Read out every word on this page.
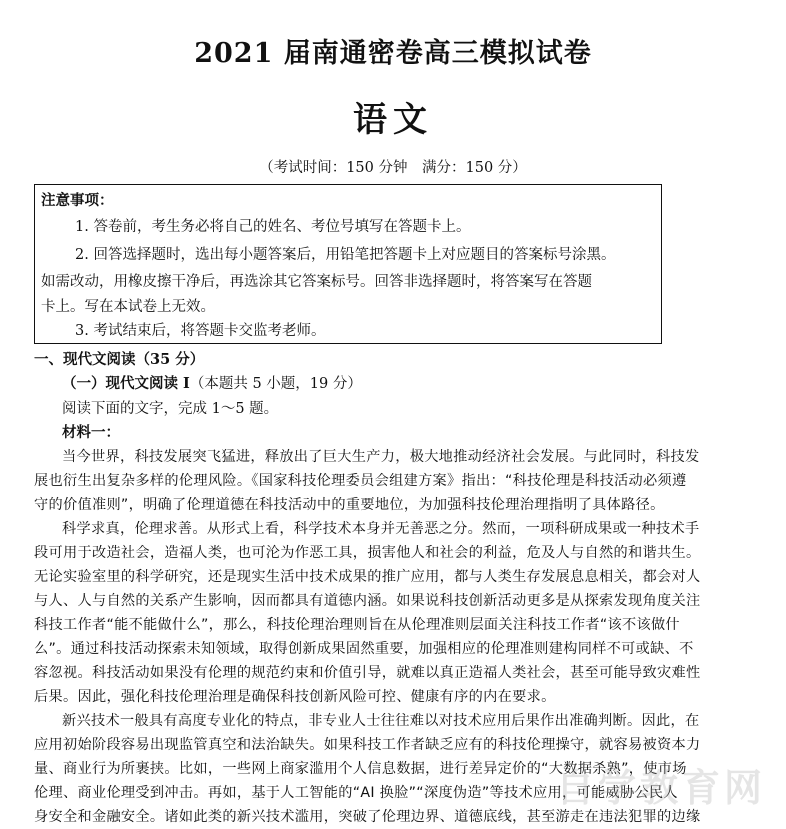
2021 届南通密卷高三模拟试卷
语文
（考试时间：150 分钟　满分：150 分）
注意事项：
1. 答卷前，考生务必将自己的姓名、考位号填写在答题卡上。
2. 回答选择题时，选出每小题答案后，用铅笔把答题卡上对应题目的答案标号涂黑。
如需改动，用橡皮擦干净后，再选涂其它答案标号。回答非选择题时，将答案写在答题
卡上。写在本试卷上无效。
3. 考试结束后，将答题卡交监考老师。
一、现代文阅读（35 分）
（一）现代文阅读 I（本题共 5 小题，19 分）
阅读下面的文字，完成 1～5 题。
材料一：
当今世界，科技发展突飞猛进，释放出了巨大生产力，极大地推动经济社会发展。与此同时，科技发
展也衍生出复杂多样的伦理风险。《国家科技伦理委员会组建方案》指出：“科技伦理是科技活动必须遵
守的价值准则”，明确了伦理道德在科技活动中的重要地位，为加强科技伦理治理指明了具体路径。
科学求真，伦理求善。从形式上看，科学技术本身并无善恶之分。然而，一项科研成果或一种技术手
段可用于改造社会，造福人类，也可沦为作恶工具，损害他人和社会的利益，危及人与自然的和谐共生。
无论实验室里的科学研究，还是现实生活中技术成果的推广应用，都与人类生存发展息息相关，都会对人
与人、人与自然的关系产生影响，因而都具有道德内涵。如果说科技创新活动更多是从探索发现角度关注
科技工作者“能不能做什么”，那么，科技伦理治理则旨在从伦理准则层面关注科技工作者“该不该做什
么”。通过科技活动探索未知领域，取得创新成果固然重要，加强相应的伦理准则建构同样不可或缺、不
容忽视。科技活动如果没有伦理的规范约束和价值引导，就难以真正造福人类社会，甚至可能导致灾难性
后果。因此，强化科技伦理治理是确保科技创新风险可控、健康有序的内在要求。
新兴技术一般具有高度专业化的特点，非专业人士往往难以对技术应用后果作出准确判断。因此，在
应用初始阶段容易出现监管真空和法治缺失。如果科技工作者缺乏应有的科技伦理操守，就容易被资本力
量、商业行为所裹挟。比如，一些网上商家滥用个人信息数据，进行差异定价的“大数据杀熟”，使市场
伦理、商业伦理受到冲击。再如，基于人工智能的“AI 换脸”“深度伪造”等技术应用，可能威胁公民人
身安全和金融安全。诸如此类的新兴技术滥用，突破了伦理边界、道德底线，甚至游走在违法犯罪的边缘
自学教育网
